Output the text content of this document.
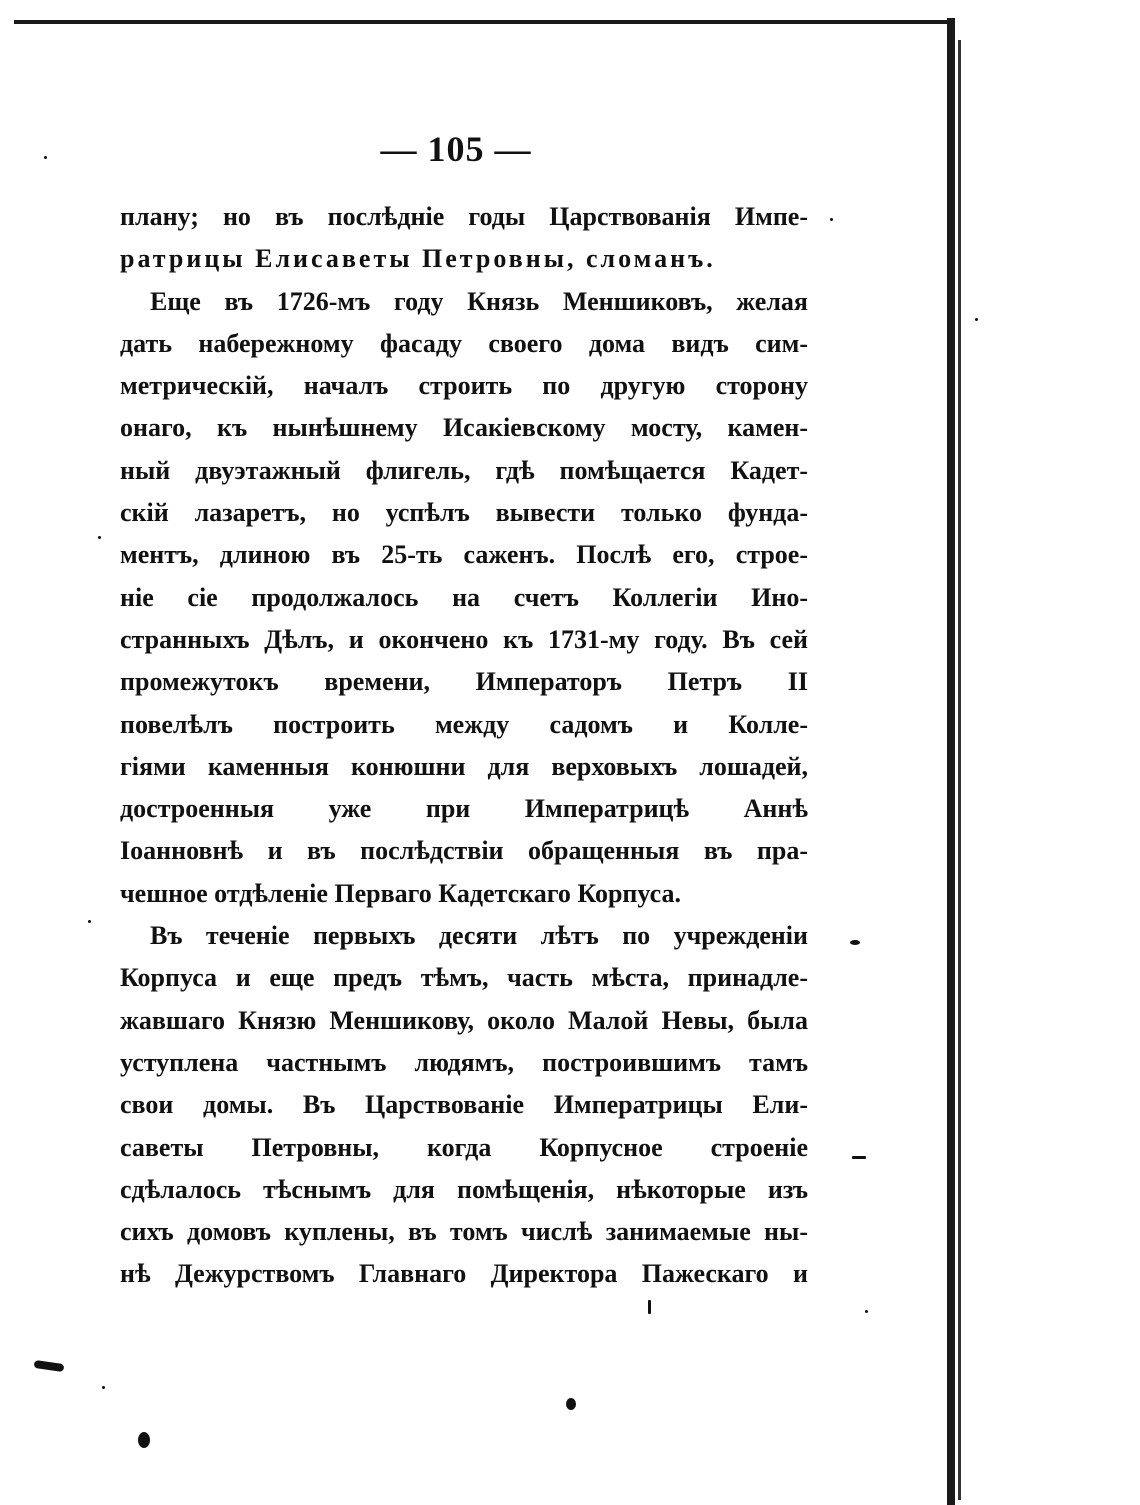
— 105 —
плану; но въ послѣдніе годы Царствованія Импе-
ратрицы Елисаветы Петровны, сломанъ.
Еще въ 1726-мъ году Князь Меншиковъ, желая
дать набережному фасаду своего дома видъ сим-
метрическій, началъ строить по другую сторону
онаго, къ нынѣшнему Исакіевскому мосту, камен-
ный двуэтажный флигель, гдѣ помѣщается Кадет-
скій лазаретъ, но успѣлъ вывести только фунда-
ментъ, длиною въ 25-ть саженъ. Послѣ его, строе-
ніе сіе продолжалось на счетъ Коллегіи Ино-
странныхъ Дѣлъ, и окончено къ 1731-му году. Въ сей
промежутокъ времени, Императоръ Петръ II
повелѣлъ построить между садомъ и Колле-
гіями каменныя конюшни для верховыхъ лошадей,
достроенныя уже при Императрицѣ Аннѣ
Іоанновнѣ и въ послѣдствіи обращенныя въ пра-
чешное отдѣленіе Перваго Кадетскаго Корпуса.
Въ теченіе первыхъ десяти лѣтъ по учрежденіи
Корпуса и еще предъ тѣмъ, часть мѣста, принадле-
жавшаго Князю Меншикову, около Малой Невы, была
уступлена частнымъ людямъ, построившимъ тамъ
свои домы. Въ Царствованіе Императрицы Ели-
саветы Петровны, когда Корпусное строеніе
сдѣлалось тѣснымъ для помѣщенія, нѣкоторые изъ
сихъ домовъ куплены, въ томъ числѣ занимаемые ны-
нѣ Дежурствомъ Главнаго Директора Пажескаго и
